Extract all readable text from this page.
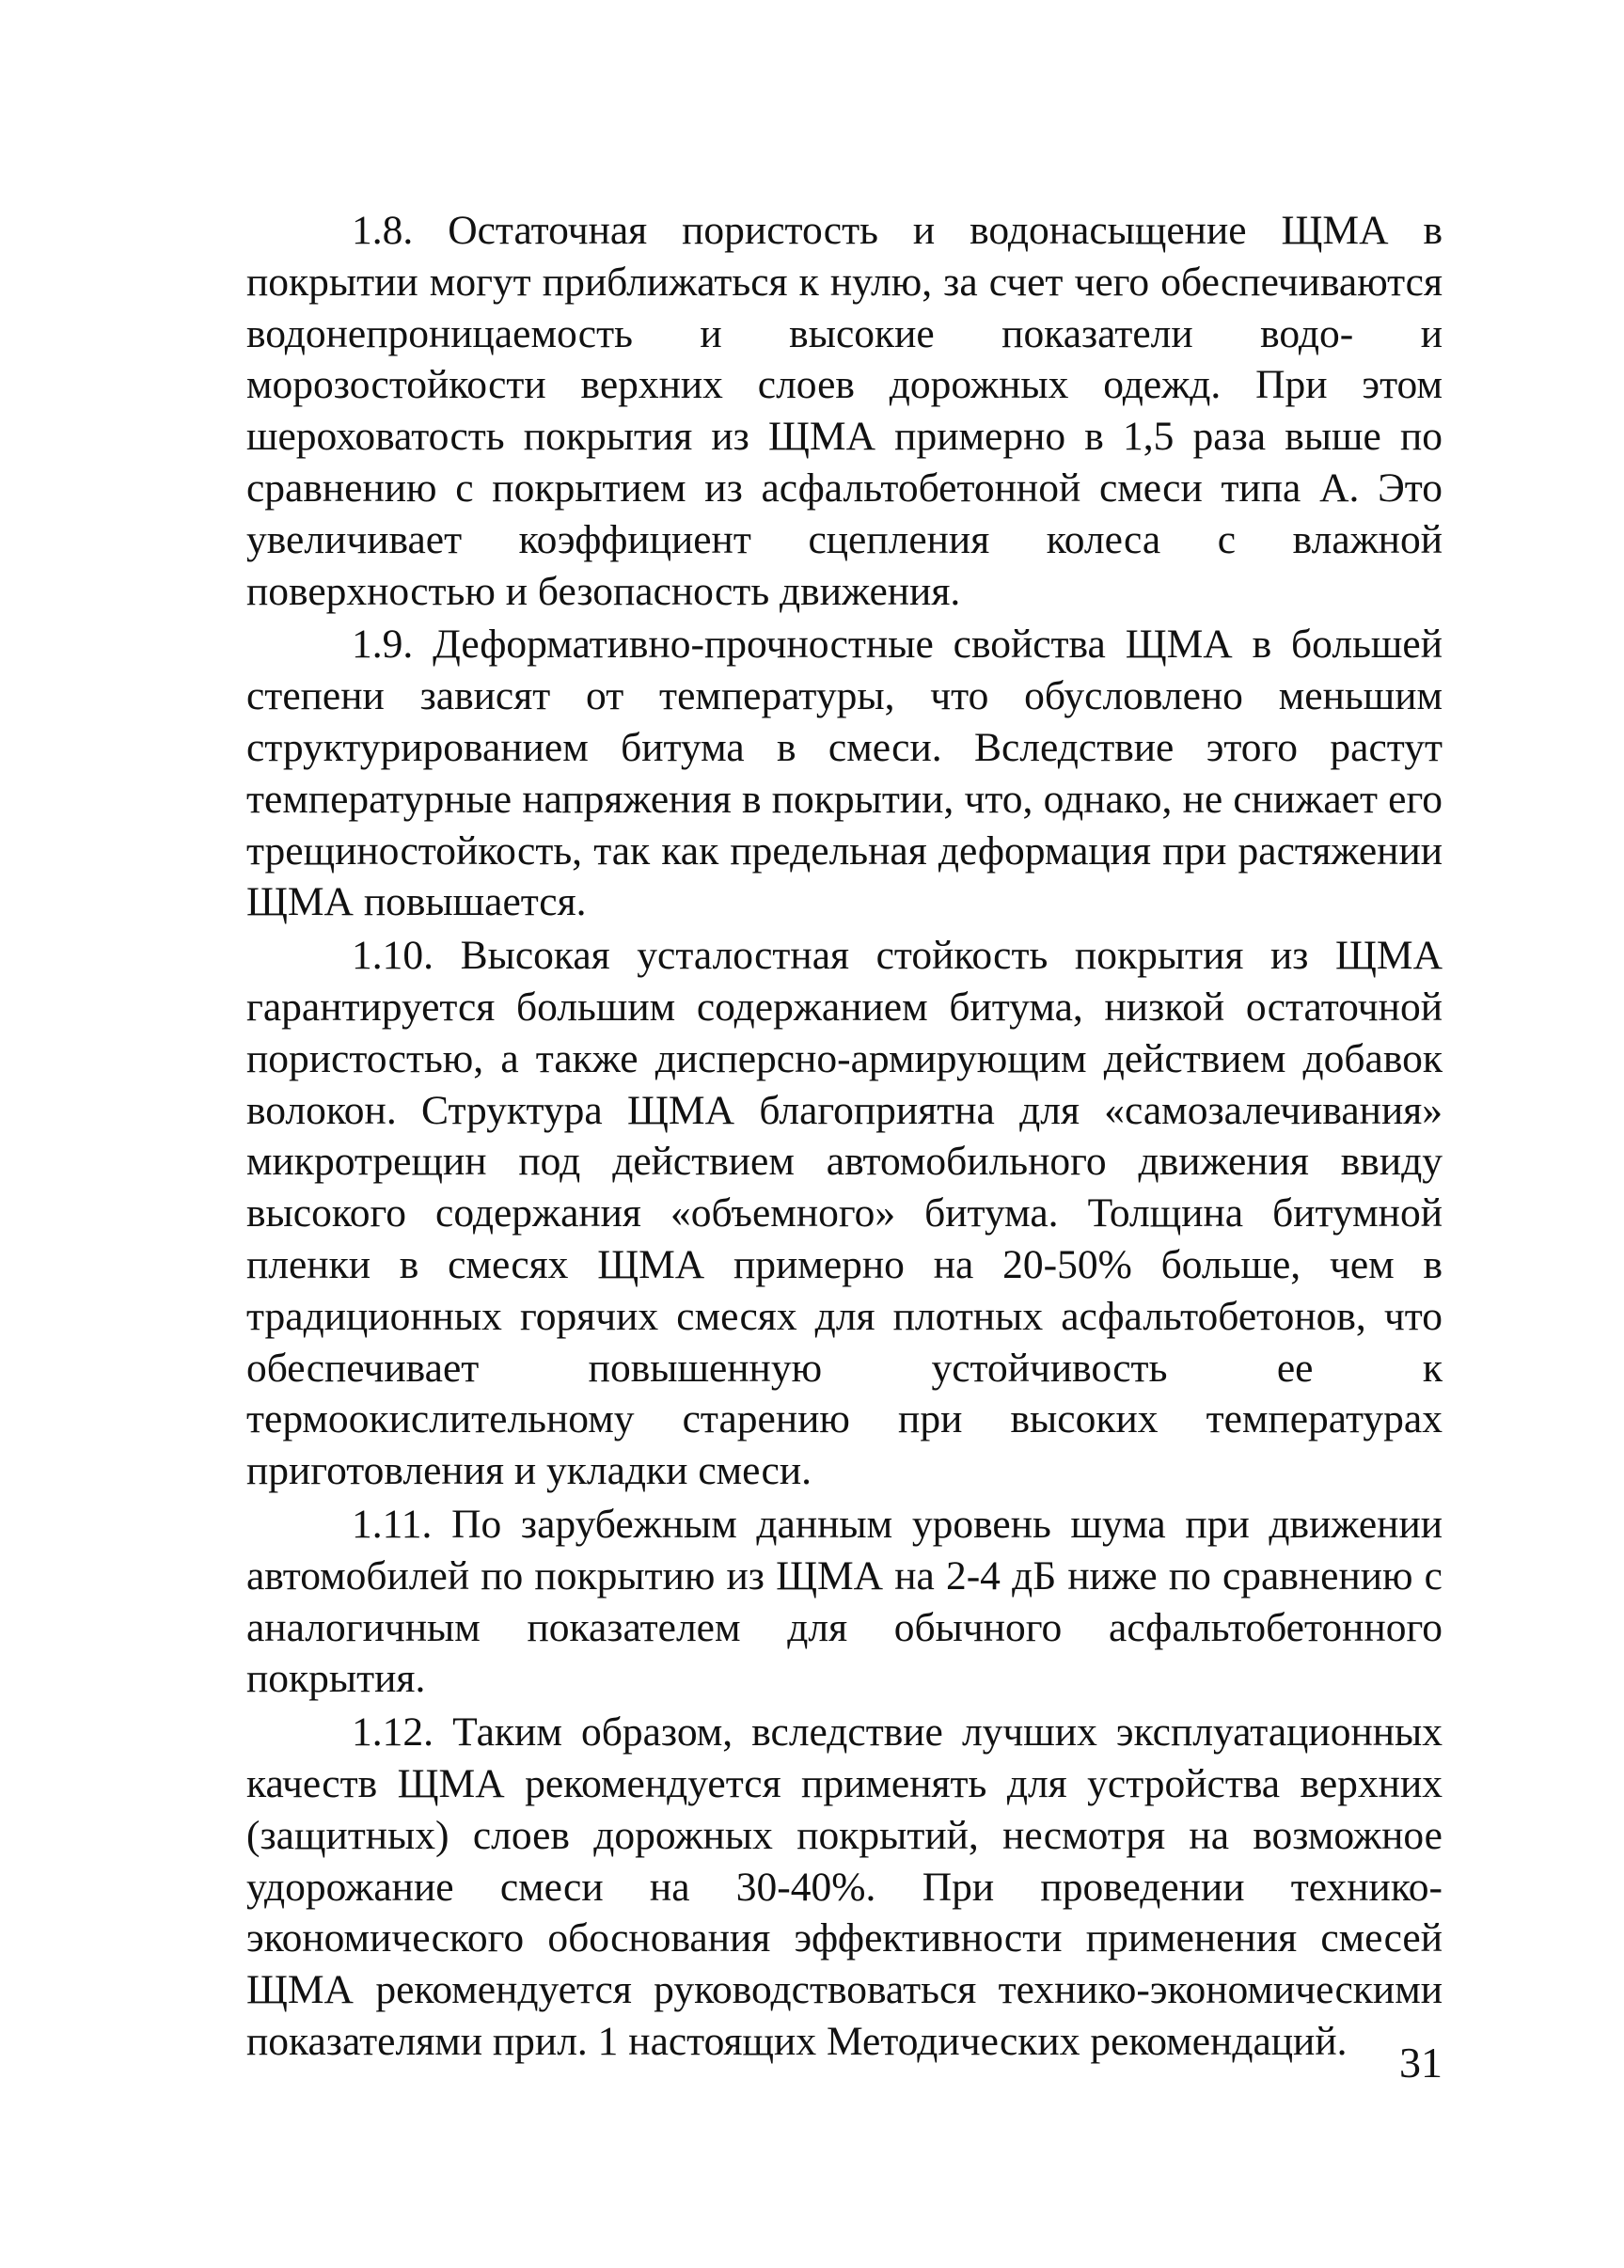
1.8. Остаточная пористость и водонасыщение ЩМА в покрытии могут приближаться к нулю, за счет чего обеспечиваются водонепроницаемость и высокие показатели водо- и морозостойкости верхних слоев дорожных одежд. При этом шероховатость покрытия из ЩМА примерно в 1,5 раза выше по сравнению с покрытием из асфальтобетонной смеси типа А. Это увеличивает коэффициент сцепления колеса с влажной поверхностью и безопасность движения.

1.9. Деформативно-прочностные свойства ЩМА в большей степени зависят от температуры, что обусловлено меньшим структурированием битума в смеси. Вследствие этого растут температурные напряжения в покрытии, что, однако, не снижает его трещиностойкость, так как предельная деформация при растяжении ЩМА повышается.

1.10. Высокая усталостная стойкость покрытия из ЩМА гарантируется большим содержанием битума, низкой остаточной пористостью, а также дисперсно-армирующим действием добавок волокон. Структура ЩМА благоприятна для «самозалечивания» микротрещин под действием автомобильного движения ввиду высокого содержания «объемного» битума. Толщина битумной пленки в смесях ЩМА примерно на 20-50% больше, чем в традиционных горячих смесях для плотных асфальтобетонов, что обеспечивает повышенную устойчивость ее к термоокислительному старению при высоких температурах приготовления и укладки смеси.

1.11. По зарубежным данным уровень шума при движении автомобилей по покрытию из ЩМА на 2-4 дБ ниже по сравнению с аналогичным показателем для обычного асфальтобетонного покрытия.

1.12. Таким образом, вследствие лучших эксплуатационных качеств ЩМА рекомендуется применять для устройства верхних (защитных) слоев дорожных покрытий, несмотря на возможное удорожание смеси на 30-40%. При проведении технико-экономического обоснования эффективности применения смесей ЩМА рекомендуется руководствоваться технико-экономическими показателями прил. 1 настоящих Методических рекомендаций.	31
